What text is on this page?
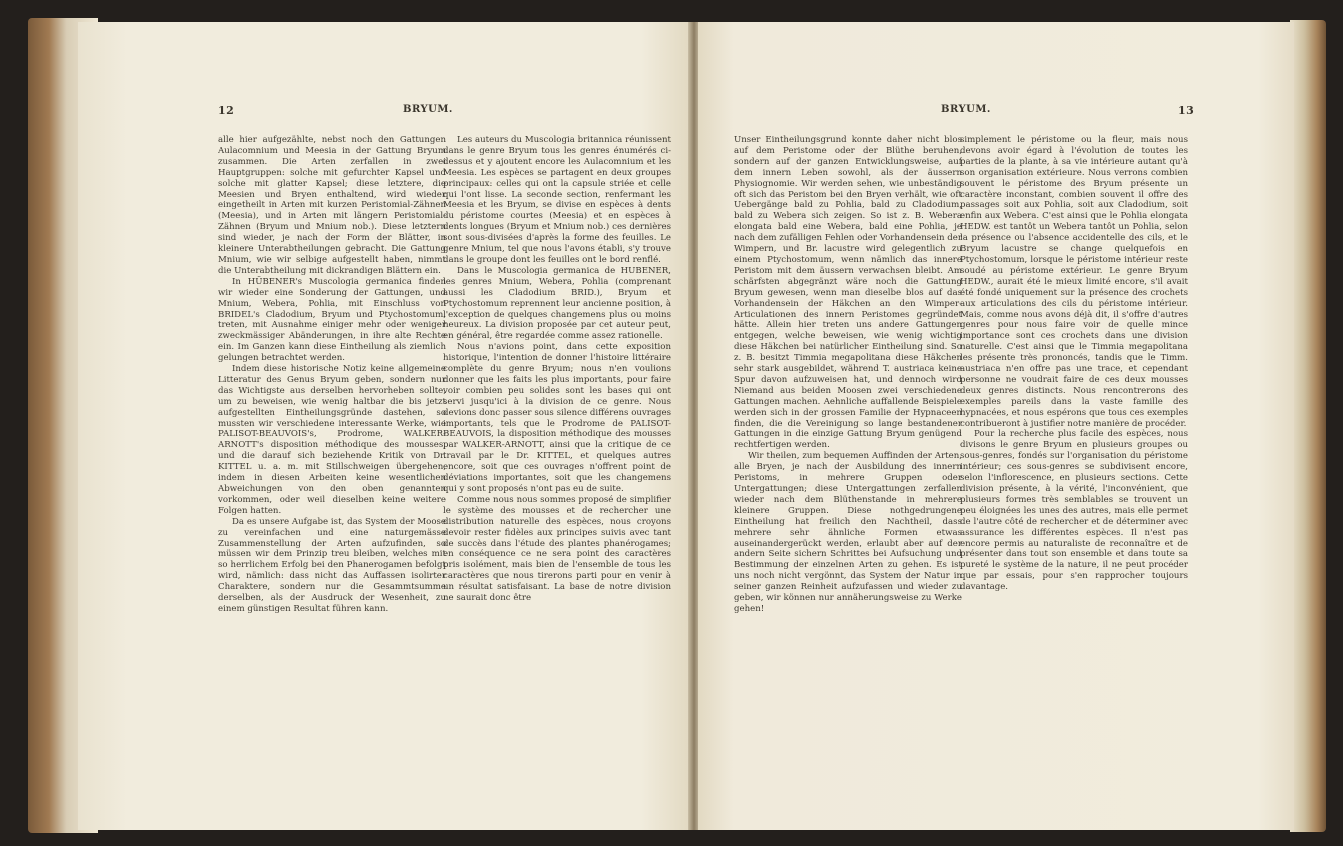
12	BRYUM.

alle hier aufgezählte, nebst noch den Gattungen Aulacomnium und Meesia in der Gattung Bryum zusammen. Die Arten zerfallen in zwei Hauptgruppen: solche mit gefurchter Kapsel und solche mit glatter Kapsel; diese letztere, die Meesien und Bryen enthaltend, wird wieder eingetheilt in Arten mit kurzen Peristomial-Zähnen (Meesia), und in Arten mit längern Peristomial-Zähnen (Bryum und Mnium nob.). Diese letztern sind wieder, je nach der Form der Blätter, in kleinere Unterabtheilungen gebracht. Die Gattung Mnium, wie wir selbige aufgestellt haben, nimmt die Unterabtheilung mit dickrandigen Blättern ein.

In HÜBENER's Muscologia germanica finden wir wieder eine Sonderung der Gattungen, und Mnium, Webera, Pohlia, mit Einschluss von BRIDEL's Cladodium, Bryum und Ptychostomum, treten, mit Ausnahme einiger mehr oder weniger zweckmässiger Abänderungen, in ihre alte Rechte ein. Im Ganzen kann diese Eintheilung als ziemlich gelungen betrachtet werden.

Indem diese historische Notiz keine allgemeine Litteratur des Genus Bryum geben, sondern nur das Wichtigste aus derselben hervorheben sollte, um zu beweisen, wie wenig haltbar die bis jetzt aufgestellten Eintheilungsgründe dastehen, so mussten wir verschiedene interessante Werke, wie PALISOT-BEAUVOIS's, Prodrome, WALKER-ARNOTT's disposition méthodique des mousses, und die darauf sich beziehende Kritik von Dr. KITTEL u. a. m. mit Stillschweigen übergehen, indem in diesen Arbeiten keine wesentlichen Abweichungen von den oben genannten vorkommen, oder weil dieselben keine weitere Folgen hatten.

Da es unsere Aufgabe ist, das System der Moose zu vereinfachen und eine naturgemässe Zusammenstellung der Arten aufzufinden, so müssen wir dem Prinzip treu bleiben, welches mit so herrlichem Erfolg bei den Phanerogamen befolgt wird, nämlich: dass nicht das Auffassen isolirter Charaktere, sondern nur die Gesammtsumme derselben, als der Ausdruck der Wesenheit, zu einem günstigen Resultat führen kann.

Les auteurs du Muscologia britannica réunissent dans le genre Bryum tous les genres énumérés ci-dessus et y ajoutent encore les Aulacomnium et les Meesia. Les espèces se partagent en deux groupes principaux: celles qui ont la capsule striée et celle qui l'ont lisse. La seconde section, renfermant les Meesia et les Bryum, se divise en espèces à dents du péristome courtes (Meesia) et en espèces à dents longues (Bryum et Mnium nob.) ces dernières sont sous-divisées d'après la forme des feuilles. Le genre Mnium, tel que nous l'avons établi, s'y trouve dans le groupe dont les feuilles ont le bord renflé.

Dans le Muscologia germanica de HUBENER, les genres Mnium, Webera, Pohlia (comprenant aussi les Cladodium BRID.), Bryum et Ptychostomum reprennent leur ancienne position, à l'exception de quelques changemens plus ou moins heureux. La division proposée par cet auteur peut, en général, être regardée comme assez rationelle.

Nous n'avions point, dans cette exposition historique, l'intention de donner l'histoire littéraire complète du genre Bryum; nous n'en voulions donner que les faits les plus importants, pour faire voir combien peu solides sont les bases qui ont servi jusqu'ici à la division de ce genre. Nous devions donc passer sous silence différens ouvrages importants, tels que le Prodrome de PALISOT-BEAUVOIS, la disposition méthodique des mousses par WALKER-ARNOTT, ainsi que la critique de ce travail par le Dr. KITTEL, et quelques autres encore, soit que ces ouvrages n'offrent point de déviations importantes, soit que les changemens qui y sont proposés n'ont pas eu de suite.

Comme nous nous sommes proposé de simplifier le système des mousses et de rechercher une distribution naturelle des espèces, nous croyons devoir rester fidèles aux principes suivis avec tant de succès dans l'étude des plantes phanérogames; en conséquence ce ne sera point des caractères pris isolément, mais bien de l'ensemble de tous les caractères que nous tirerons parti pour en venir à un résultat satisfaisant. La base de notre division ne saurait donc être

BRYUM.	13

Unser Eintheilungsgrund konnte daher nicht blos auf dem Peristome oder der Blüthe beruhen, sondern auf der ganzen Entwicklungsweise, auf dem innern Leben sowohl, als der äussern Physiognomie. Wir werden sehen, wie unbeständig oft sich das Peristom bei den Bryen verhält, wie oft Uebergänge bald zu Pohlia, bald zu Cladodium, bald zu Webera sich zeigen. So ist z. B. Webera elongata bald eine Webera, bald eine Pohlia, je nach dem zufälligen Fehlen oder Vorhandensein der Wimpern, und Br. lacustre wird gelegentlich zu einem Ptychostomum, wenn nämlich das innere Peristom mit dem äussern verwachsen bleibt. Am schärfsten abgegränzt wäre noch die Gattung Bryum gewesen, wenn man dieselbe blos auf das Vorhandensein der Häkchen an den Wimper-Articulationen des innern Peristomes gegründet hätte. Allein hier treten uns andere Gattungen entgegen, welche beweisen, wie wenig wichtig diese Häkchen bei natürlicher Eintheilung sind. So z. B. besitzt Timmia megapolitana diese Häkchen sehr stark ausgebildet, während T. austriaca keine Spur davon aufzuweisen hat, und dennoch wird Niemand aus beiden Moosen zwei verschiedene Gattungen machen. Aehnliche auffallende Beispiele werden sich in der grossen Familie der Hypnaceen finden, die die Vereinigung so lange bestandener Gattungen in die einzige Gattung Bryum genügend rechtfertigen werden.

Wir theilen, zum bequemen Auffinden der Arten, alle Bryen, je nach der Ausbildung des innern Peristoms, in mehrere Gruppen oder Untergattungen; diese Untergattungen zerfallen wieder nach dem Blüthenstande in mehrere kleinere Gruppen. Diese nothgedrungene Eintheilung hat freilich den Nachtheil, dass mehrere sehr ähnliche Formen etwas auseinandergerückt werden, erlaubt aber auf der andern Seite sichern Schrittes bei Aufsuchung und Bestimmung der einzelnen Arten zu gehen. Es ist uns noch nicht vergönnt, das System der Natur in seiner ganzen Reinheit aufzufassen und wieder zu geben, wir können nur annäherungsweise zu Werke gehen!

simplement le péristome ou la fleur, mais nous devons avoir égard à l'évolution de toutes les parties de la plante, à sa vie intérieure autant qu'à son organisation extérieure. Nous verrons combien souvent le péristome des Bryum présente un caractère inconstant, combien souvent il offre des passages soit aux Pohlia, soit aux Cladodium, soit enfin aux Webera. C'est ainsi que le Pohlia elongata HEDW. est tantôt un Webera tantôt un Pohlia, selon la présence ou l'absence accidentelle des cils, et le Bryum lacustre se change quelquefois en Ptychostomum, lorsque le péristome intérieur reste soudé au péristome extérieur. Le genre Bryum HEDW., aurait été le mieux limité encore, s'il avait été fondé uniquement sur la présence des crochets aux articulations des cils du péristome intérieur. Mais, comme nous avons déjà dit, il s'offre d'autres genres pour nous faire voir de quelle mince importance sont ces crochets dans une division naturelle. C'est ainsi que le Timmia megapolitana les présente très prononcés, tandis que le Timm. austriaca n'en offre pas une trace, et cependant personne ne voudrait faire de ces deux mousses deux genres distincts. Nous rencontrerons des exemples pareils dans la vaste famille des hypnacées, et nous espérons que tous ces exemples contribueront à justifier notre manière de procéder.

Pour la recherche plus facile des espèces, nous divisons le genre Bryum en plusieurs groupes ou sous-genres, fondés sur l'organisation du péristome intérieur; ces sous-genres se subdivisent encore, selon l'inflorescence, en plusieurs sections. Cette division présente, à la vérité, l'inconvénient, que plusieurs formes très semblables se trouvent un peu éloignées les unes des autres, mais elle permet de l'autre côté de rechercher et de déterminer avec assurance les différentes espèces. Il n'est pas encore permis au naturaliste de reconnaître et de présenter dans tout son ensemble et dans toute sa pureté le système de la nature, il ne peut procéder que par essais, pour s'en rapprocher toujours davantage.
